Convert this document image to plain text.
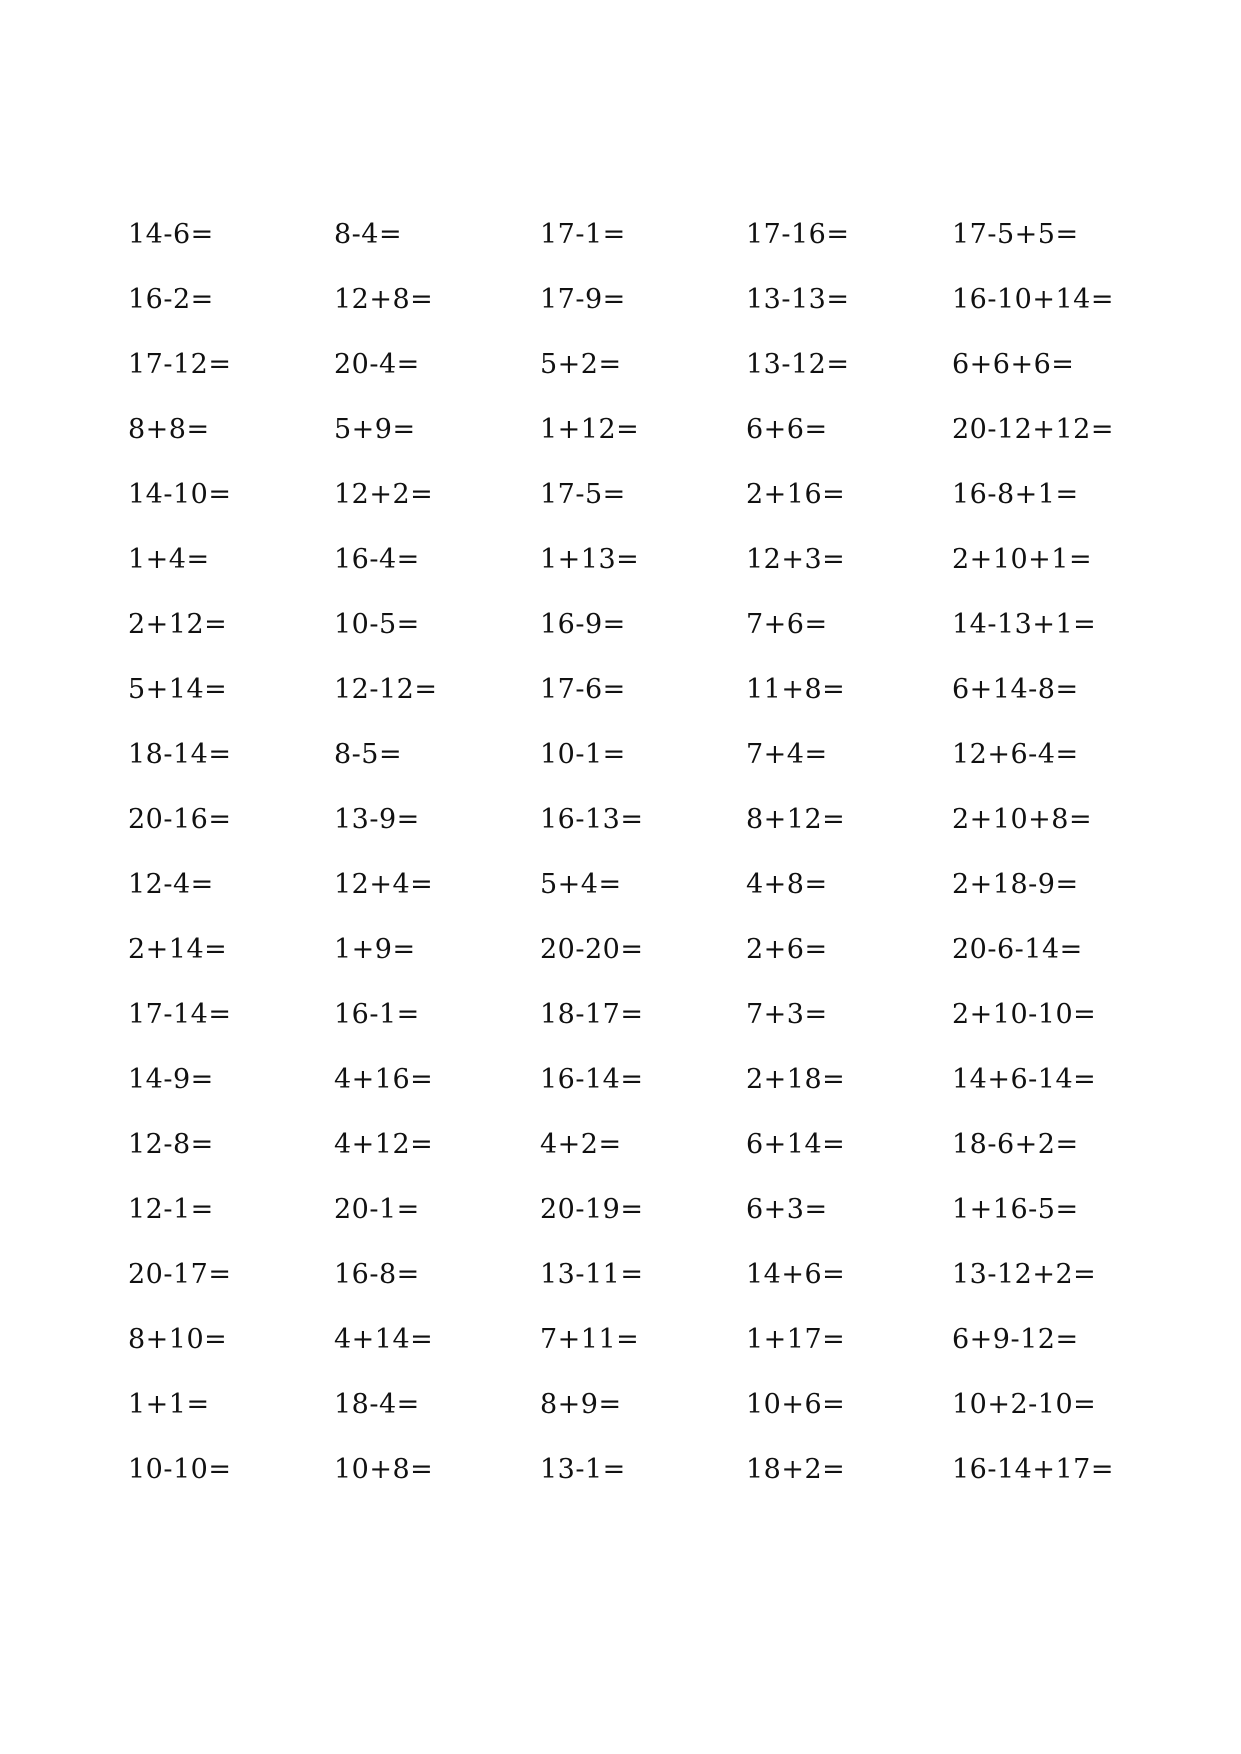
14-6=	8-4=	17-1=	17-16=	17-5+5=
16-2=	12+8=	17-9=	13-13=	16-10+14=
17-12=	20-4=	5+2=	13-12=	6+6+6=
8+8=	5+9=	1+12=	6+6=	20-12+12=
14-10=	12+2=	17-5=	2+16=	16-8+1=
1+4=	16-4=	1+13=	12+3=	2+10+1=
2+12=	10-5=	16-9=	7+6=	14-13+1=
5+14=	12-12=	17-6=	11+8=	6+14-8=
18-14=	8-5=	10-1=	7+4=	12+6-4=
20-16=	13-9=	16-13=	8+12=	2+10+8=
12-4=	12+4=	5+4=	4+8=	2+18-9=
2+14=	1+9=	20-20=	2+6=	20-6-14=
17-14=	16-1=	18-17=	7+3=	2+10-10=
14-9=	4+16=	16-14=	2+18=	14+6-14=
12-8=	4+12=	4+2=	6+14=	18-6+2=
12-1=	20-1=	20-19=	6+3=	1+16-5=
20-17=	16-8=	13-11=	14+6=	13-12+2=
8+10=	4+14=	7+11=	1+17=	6+9-12=
1+1=	18-4=	8+9=	10+6=	10+2-10=
10-10=	10+8=	13-1=	18+2=	16-14+17=
